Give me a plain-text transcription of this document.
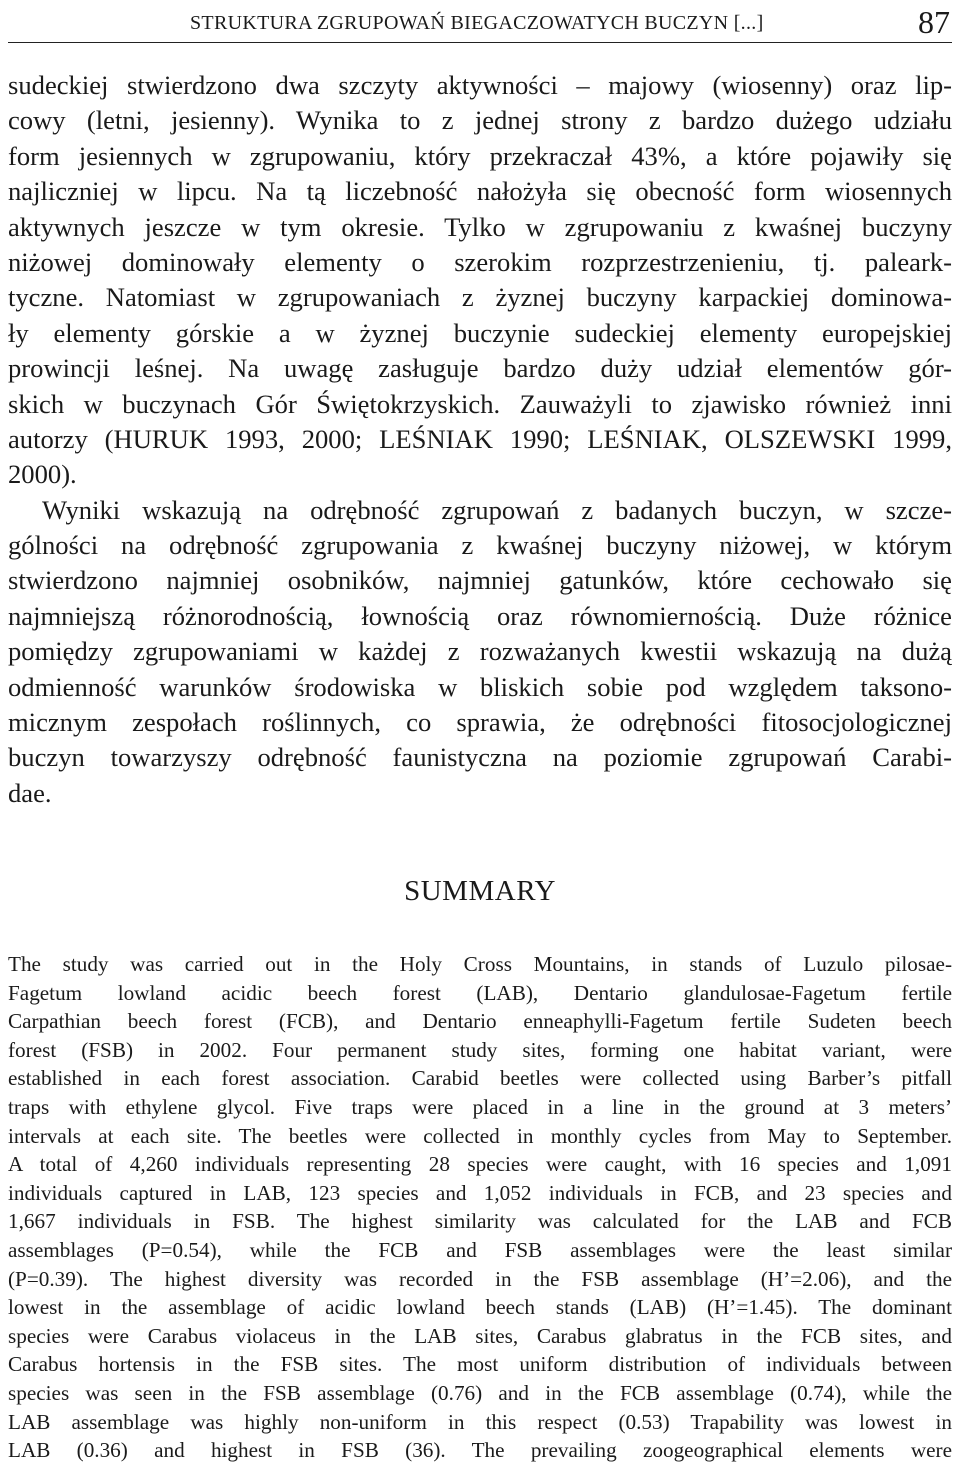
STRUKTURA ZGRUPOWAŃ BIEGACZOWATYCH BUCZYN [...]	87
sudeckiej stwierdzono dwa szczyty aktywności – majowy (wiosenny) oraz lip-
cowy (letni, jesienny). Wynika to z jednej strony z bardzo dużego udziału
form jesiennych w zgrupowaniu, który przekraczał 43%, a które pojawiły się
najliczniej w lipcu. Na tą liczebność nałożyła się obecność form wiosennych
aktywnych jeszcze w tym okresie. Tylko w zgrupowaniu z kwaśnej buczyny
niżowej dominowały elementy o szerokim rozprzestrzenieniu, tj. paleark-
tyczne. Natomiast w zgrupowaniach z żyznej buczyny karpackiej dominowa-
ły elementy górskie a w żyznej buczynie sudeckiej elementy europejskiej
prowincji leśnej. Na uwagę zasługuje bardzo duży udział elementów gór-
skich w buczynach Gór Świętokrzyskich. Zauważyli to zjawisko również inni
autorzy (HURUK 1993, 2000; LEŚNIAK 1990; LEŚNIAK, OLSZEWSKI 1999,
2000).
Wyniki wskazują na odrębność zgrupowań z badanych buczyn, w szcze-
gólności na odrębność zgrupowania z kwaśnej buczyny niżowej, w którym
stwierdzono najmniej osobników, najmniej gatunków, które cechowało się
najmniejszą różnorodnością, łownością oraz równomiernością. Duże różnice
pomiędzy zgrupowaniami w każdej z rozważanych kwestii wskazują na dużą
odmienność warunków środowiska w bliskich sobie pod względem taksono-
micznym zespołach roślinnych, co sprawia, że odrębności fitosocjologicznej
buczyn towarzyszy odrębność faunistyczna na poziomie zgrupowań Carabi-
dae.
SUMMARY
The study was carried out in the Holy Cross Mountains, in stands of Luzulo pilosae-
Fagetum lowland acidic beech forest (LAB), Dentario glandulosae-Fagetum fertile
Carpathian beech forest (FCB), and Dentario enneaphylli-Fagetum fertile Sudeten beech
forest (FSB) in 2002. Four permanent study sites, forming one habitat variant, were
established in each forest association. Carabid beetles were collected using Barber’s pitfall
traps with ethylene glycol. Five traps were placed in a line in the ground at 3 meters’
intervals at each site. The beetles were collected in monthly cycles from May to September.
A total of 4,260 individuals representing 28 species were caught, with 16 species and 1,091
individuals captured in LAB, 123 species and 1,052 individuals in FCB, and 23 species and
1,667 individuals in FSB. The highest similarity was calculated for the LAB and FCB
assemblages (P=0.54), while the FCB and FSB assemblages were the least similar
(P=0.39). The highest diversity was recorded in the FSB assemblage (H’=2.06), and the
lowest in the assemblage of acidic lowland beech stands (LAB) (H’=1.45). The dominant
species were Carabus violaceus in the LAB sites, Carabus glabratus in the FCB sites, and
Carabus hortensis in the FSB sites. The most uniform distribution of individuals between
species was seen in the FSB assemblage (0.76) and in the FCB assemblage (0.74), while the
LAB assemblage was highly non-uniform in this respect (0.53) Trapability was lowest in
LAB (0.36) and highest in FSB (36). The prevailing zoogeographical elements were
